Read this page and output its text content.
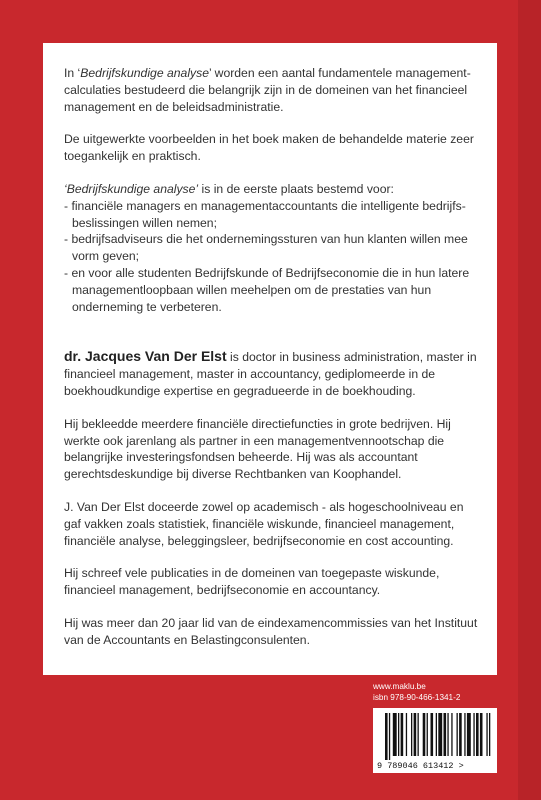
In ‘Bedrijfskundige analyse’ worden een aantal fundamentele management-calculaties bestudeerd die belangrijk zijn in de domeinen van het financieel management en de beleidsadministratie.

De uitgewerkte voorbeelden in het boek maken de behandelde materie zeer toegankelijk en praktisch.

‘Bedrijfskundige analyse’ is in de eerste plaats bestemd voor:

- financiële managers en managementaccountants die intelligente bedrijfs-beslissingen willen nemen;
- bedrijfsadviseurs die het ondernemingssturen van hun klanten willen mee vorm geven;
- en voor alle studenten Bedrijfskunde of Bedrijfseconomie die in hun latere managementloopbaan willen meehelpen om de prestaties van hun onderneming te verbeteren.

dr. Jacques Van Der Elst is doctor in business administration, master in financieel management, master in accountancy, gediplomeerde in de boekhoudkundige expertise en gegradueerde in de boekhouding.

Hij bekleedde meerdere financiële directiefuncties in grote bedrijven. Hij werkte ook jarenlang als partner in een managementvennootschap die belangrijke investeringsfondsen beheerde. Hij was als accountant gerechtsdeskundige bij diverse Rechtbanken van Koophandel.

J. Van Der Elst doceerde zowel op academisch - als hogeschoolniveau en gaf vakken zoals statistiek, financiële wiskunde, financieel management, financiële analyse, beleggingsleer, bedrijfseconomie en cost accounting.

Hij schreef vele publicaties in de domeinen van toegepaste wiskunde, financieel management, bedrijfseconomie en accountancy.

Hij was meer dan 20 jaar lid van de eindexamencommissies van het Instituut van de Accountants en Belastingconsulenten.

www.maklu.be
isbn 978-90-466-1341-2
9 789046 613412 >
